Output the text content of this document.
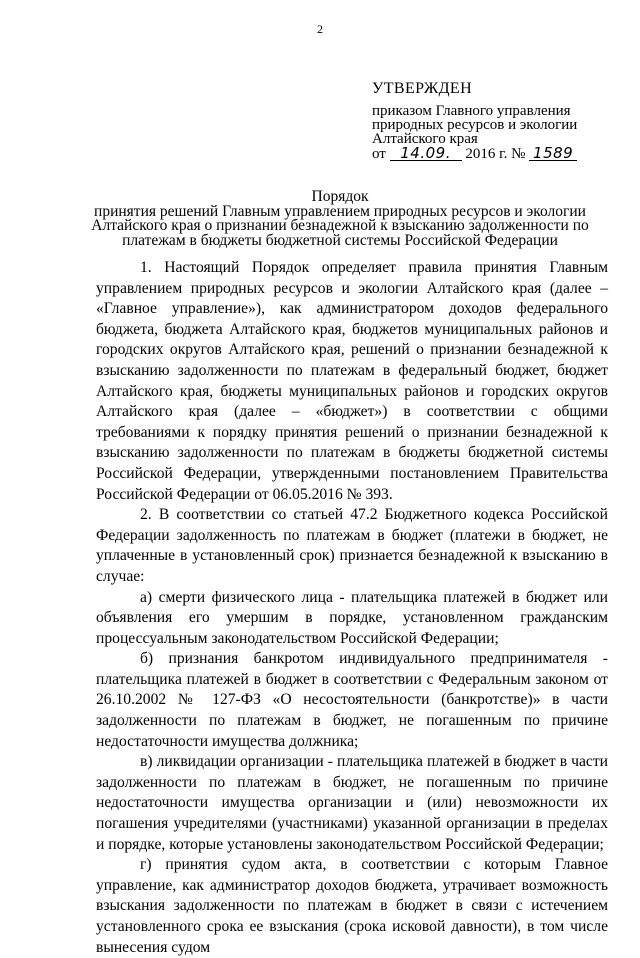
2
УТВЕРЖДЕН
приказом Главного управления
природных ресурсов и экологии
Алтайского края
от 14.09. 2016 г. № 1589
Порядок
принятия решений Главным управлением природных ресурсов и экологии
Алтайского края о признании безнадежной к взысканию задолженности по
платежам в бюджеты бюджетной системы Российской Федерации

1. Настоящий Порядок определяет правила принятия Главным управлением природных ресурсов и экологии Алтайского края (далее – «Главное управление»), как администратором доходов федерального бюджета, бюджета Алтайского края, бюджетов муниципальных районов и городских округов Алтайского края, решений о признании безнадежной к взысканию задолженности по платежам в федеральный бюджет, бюджет Алтайского края, бюджеты муниципальных районов и городских округов Алтайского края (далее – «бюджет») в соответствии с общими требованиями к порядку принятия решений о признании безнадежной к взысканию задолженности по платежам в бюджеты бюджетной системы Российской Федерации, утвержденными постановлением Правительства Российской Федерации от 06.05.2016 № 393.

2. В соответствии со статьей 47.2 Бюджетного кодекса Российской Федерации задолженность по платежам в бюджет (платежи в бюджет, не уплаченные в установленный срок) признается безнадежной к взысканию в случае:

а) смерти физического лица - плательщика платежей в бюджет или объявления его умершим в порядке, установленном гражданским процессуальным законодательством Российской Федерации;

б) признания банкротом индивидуального предпринимателя - плательщика платежей в бюджет в соответствии с Федеральным законом от 26.10.2002 № 127-ФЗ «О несостоятельности (банкротстве)» в части задолженности по платежам в бюджет, не погашенным по причине недостаточности имущества должника;

в) ликвидации организации - плательщика платежей в бюджет в части задолженности по платежам в бюджет, не погашенным по причине недостаточности имущества организации и (или) невозможности их погашения учредителями (участниками) указанной организации в пределах и порядке, которые установлены законодательством Российской Федерации;

г) принятия судом акта, в соответствии с которым Главное управление, как администратор доходов бюджета, утрачивает возможность взыскания задолженности по платежам в бюджет в связи с истечением установленного срока ее взыскания (срока исковой давности), в том числе вынесения судом
